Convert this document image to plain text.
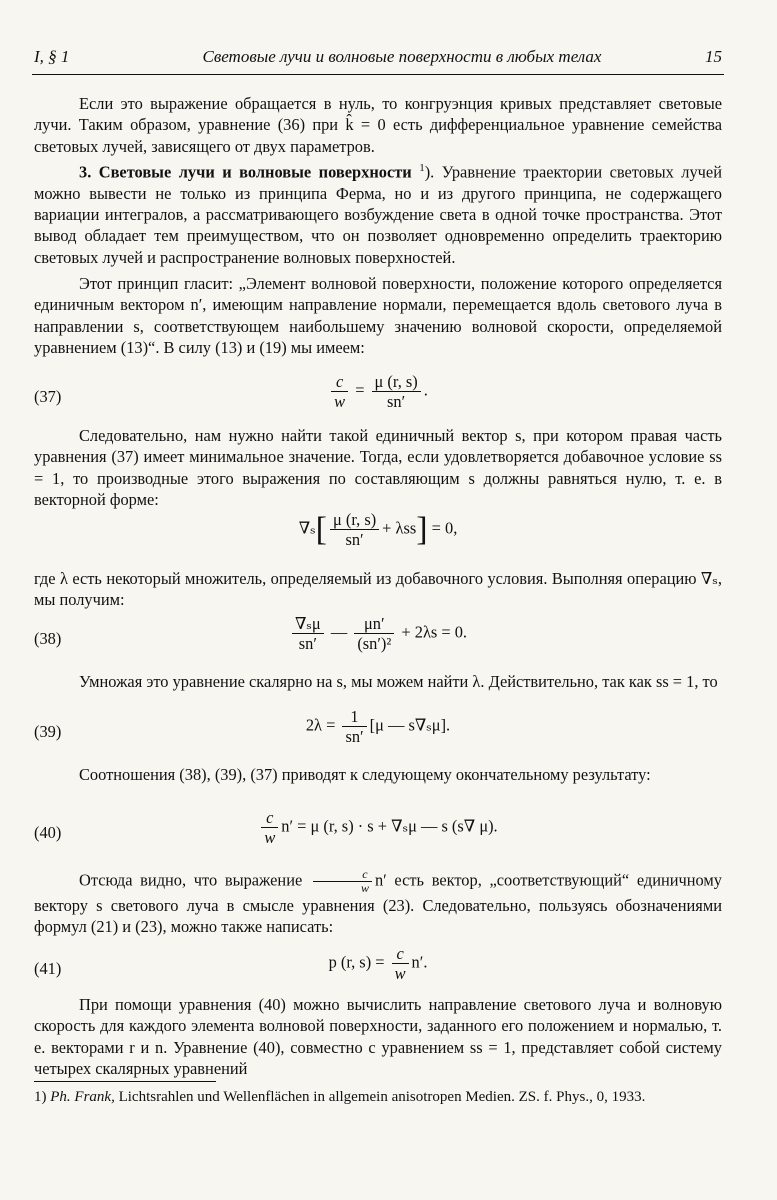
I, § 1	Световые лучи и волновые поверхности в любых телах	15

Если это выражение обращается в нуль, то конгруэнция кривых представляет световые лучи. Таким образом, уравнение (36) при k̂ = 0 есть дифференциальное уравнение семейства световых лучей, зависящего от двух параметров.

3. Световые лучи и волновые поверхности $^1$). Уравнение траектории световых лучей можно вывести не только из принципа Ферма, но и из другого принципа, не содержащего вариации интегралов, а рассматривающего возбуждение света в одной точке пространства. Этот вывод обладает тем преимуществом, что он позволяет одновременно определить траекторию световых лучей и распространение волновых поверхностей.

Этот принцип гласит: „Элемент волновой поверхности, положение которого определяется единичным вектором n′, имеющим направление нормали, перемещается вдоль светового луча в направлении s, соответствующем наибольшему значению волновой скорости, определяемой уравнением (13)“. В силу (13) и (19) мы имеем:

(37)	$\frac{c}{w} = \frac{\mu (r, s)}{sn'}$ .

Следовательно, нам нужно найти такой единичный вектор s, при котором правая часть уравнения (37) имеет минимальное значение. Тогда, если удовлетворяется добавочное условие ss = 1, то производные этого выражения по составляющим s должны равняться нулю, т. е. в векторной форме:

$\nabla_s[ \frac{\mu (r, s)}{sn'} + \lambda ss] = 0$,

где λ есть некоторый множитель, определяемый из добавочного условия. Выполняя операцию ∇ₛ, мы получим:

(38)	$\frac{\text{∇ₛμ}}{sn'}$ — $\frac{\mu n'}{\text{(sn′)²}} + 2\lambda s = 0$.

Умножая это уравнение скалярно на s, мы можем найти λ. Действительно, так как ss = 1, то

(39)	$2\lambda = \frac{1}{sn'} [\mu$ — s∇ₛμ].

Соотношения (38), (39), (37) приводят к следующему окончательному результату:

(40)	$\frac{c}{w} n' = \mu$ (r, s) · s + ∇ₛμ — s (s∇ μ).

Отсюда видно, что выражение $\frac{c}{w} n'$ есть вектор, „соответствующий“ единичному вектору s светового луча в смысле уравнения (23). Следовательно, пользуясь обозначениями формул (21) и (23), можно также написать:

(41)	p (r, $s) = \frac{c}{w} n'$.

При помощи уравнения (40) можно вычислить направление светового луча и волновую скорость для каждого элемента волновой поверхности, заданного его положением и нормалью, т. е. векторами r и n. Уравнение (40), совместно с уравнением ss = 1, представляет собой систему четырех скалярных уравнений

1) Ph. Frank, Lichtsrahlen und Wellenflächen in allgemein anisotropen Medien. ZS. f. Phys., 0, 1933.
